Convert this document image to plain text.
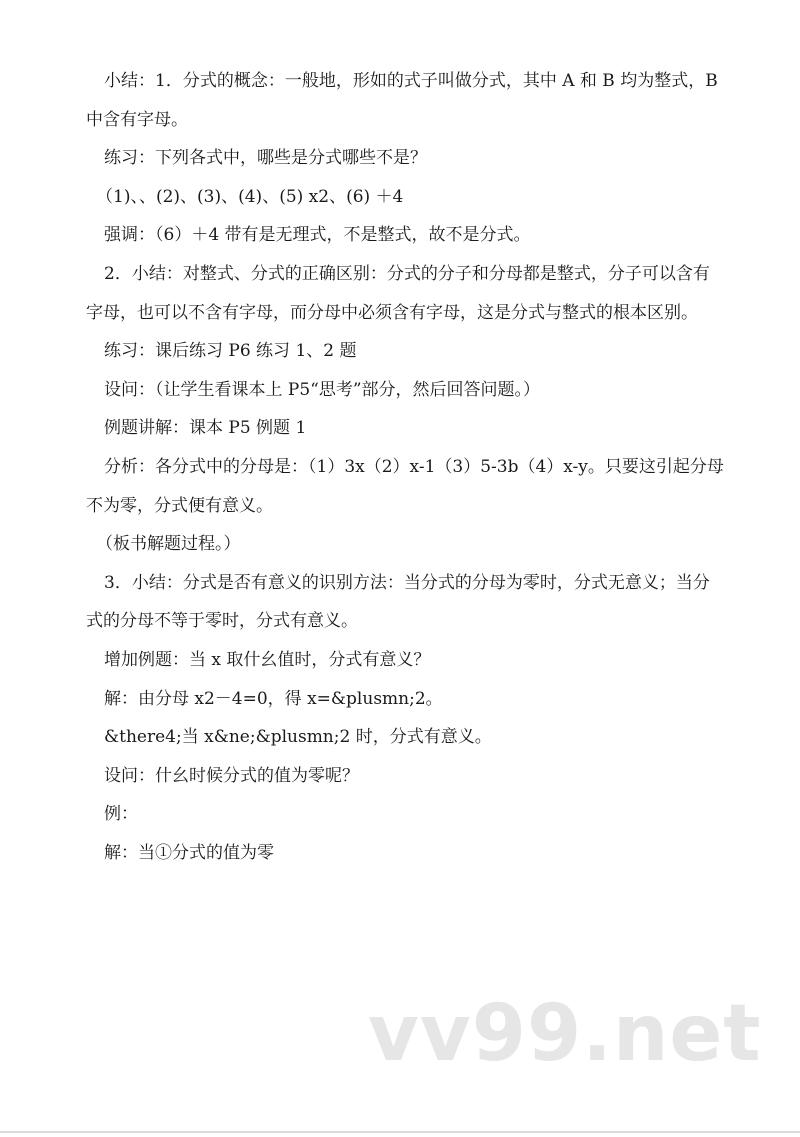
小结：1．分式的概念：一般地，形如的式子叫做分式，其中 A 和 B 均为整式，B 中含有字母。

练习：下列各式中，哪些是分式哪些不是？

（1)、、(2)、(3)、(4)、(5) x2、(6) ＋4

强调：（6）＋4 带有是无理式，不是整式，故不是分式。

2．小结：对整式、分式的正确区别：分式的分子和分母都是整式，分子可以含有字母，也可以不含有字母，而分母中必须含有字母，这是分式与整式的根本区别。

练习：课后练习 P6 练习 1、2 题

设问：（让学生看课本上 P5“思考”部分，然后回答问题。）

例题讲解：课本 P5 例题 1

分析：各分式中的分母是：（1）3x（2）x-1（3）5-3b（4）x-y。只要这引起分母不为零，分式便有意义。

（板书解题过程。）

3．小结：分式是否有意义的识别方法：当分式的分母为零时，分式无意义；当分式的分母不等于零时，分式有意义。

增加例题：当 x 取什幺值时，分式有意义？

解：由分母 x2－4=0，得 x=&plusmn;2。

&there4;当 x&ne;&plusmn;2 时，分式有意义。

设问：什幺时候分式的值为零呢？

例：

解：当①分式的值为零

vv99.net
